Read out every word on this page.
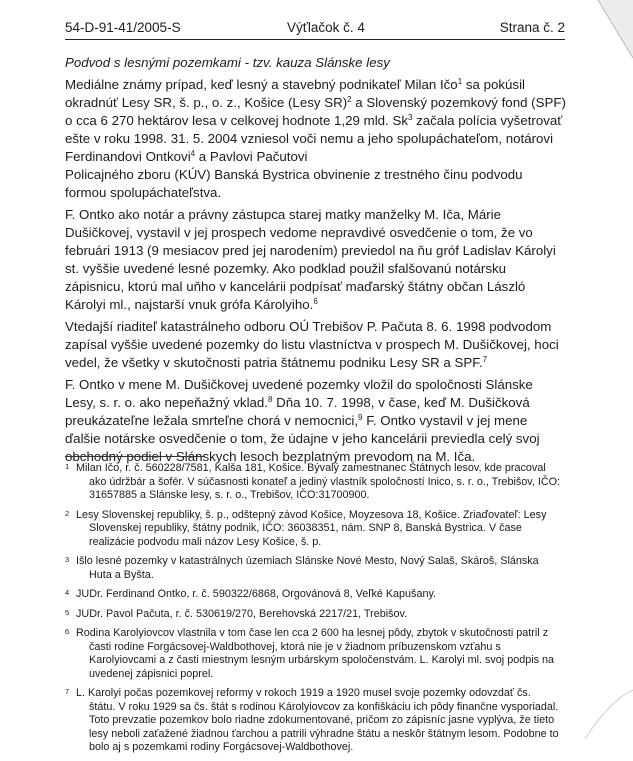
54-D-91-41/2005-S	Výťlačok č. 4	Strana č. 2
Podvod s lesnými pozemkami - tzv. kauza Slánske lesy
Mediálne známy prípad, keď lesný a stavebný podnikateľ Milan Ičo$^1$ sa pokúsil
okradnúť Lesy SR, š. p., o. z., Košice (Lesy SR)$^2$ a Slovenský pozemkový fond (SPF)
o cca 6 270 hektárov lesa v celkovej hodnote 1,29 mld. Sk$^3$ začala polícia vyšetrovať
ešte v roku 1998. 31. 5. 2004 vzniesol voči nemu a jeho spolupáchateľom, notárovi
Ferdinandovi Ontkovi$^4$ a Pavlovi Pačutovi
Policajného zboru (KÚV) Banská Bystrica obvinenie z trestného činu podvodu
formou spolupáchateľstva.
F. Ontko ako notár a právny zástupca starej matky manželky M. Iča, Márie
Dušičkovej, vystavil v jej prospech vedome nepravdivé osvedčenie o tom, že vo
februári 1913 (9 mesiacov pred jej narodením) previedol na ňu gróf Ladislav Károlyi
st. vyššie uvedené lesné pozemky. Ako podklad použil sfalšovanú notársku
zápisnicu, ktorú mal uňho v kancelárii podpísať maďarský štátny občan László
Károlyi ml., najstarší vnuk grófa Károlyiho.$^6$
Vtedajší riaditeľ katastrálneho odboru OÚ Trebišov P. Pačuta 8. 6. 1998 podvodom
zapísal vyššie uvedené pozemky do listu vlastníctva v prospech M. Dušičkovej, hoci
vedel, že všetky v skutočnosti patria štátnemu podniku Lesy SR a SPF.$^7$
F. Ontko v mene M. Dušičkovej uvedené pozemky vložil do spoločnosti Slánske
Lesy, s. r. o. ako nepeňažný vklad.$^8$ Dňa 10. 7. 1998, v čase, keď M. Dušičková
preukázateľne ležala smrteľne chorá v nemocnici,$^9$ F. Ontko vystavil v jej mene
ďalšie notárske osvedčenie o tom, že údajne v jeho kancelárii previedla celý svoj
obchodný podiel v Slánskych lesoch bezplatným prevodom na M. Iča.
1 Milan Ičo, r. č. 560228/7581, Kalša 181, Košice. Bývalý zamestnanec Štátnych lesov, kde pracoval
ako údržbár a šofér. V súčasnosti konateľ a jediný vlastník spoločností Inico, s. r. o., Trebišov, IČO:
31657885 a Slánske lesy, s. r. o., Trebišov, IČO:31700900.
2 Lesy Slovenskej republiky, š. p., odštepný závod Košice, Moyzesova 18, Košice. Zriaďovateľ: Lesy
Slovenskej republiky, štátny podnik, IČO: 36038351, nám. SNP 8, Banská Bystrica. V čase
realizácie podvodu mali názov Lesy Košice, š. p.
3 Išlo lesné pozemky v katastrálnych územiach Slánske Nové Mesto, Nový Salaš, Skároš, Slánska
Huta a Byšta.
4 JUDr. Ferdinand Ontko, r. č. 590322/6868, Orgovánová 8, Veľké Kapušany.
5 JUDr. Pavol Pačuta, r. č. 530619/270, Berehovská 2217/21, Trebišov.
6 Rodina Karolyiovcov vlastnila v tom čase len cca 2 600 ha lesnej pôdy, zbytok v skutočnosti patril z
časti rodine Forgácsovej-Waldbothovej, ktorá nie je v žiadnom príbuzenskom vzťahu s
Karolyiovcami a z časti miestnym lesným urbárskym spoločenstvám. L. Karolyi ml. svoj podpis na
uvedenej zápisnici poprel.
7 L. Karolyi počas pozemkovej reformy v rokoch 1919 a 1920 musel svoje pozemky odovzdať čs.
štátu. V roku 1929 sa čs. štát s rodinou Károlyiovcov za konfiškáciu ich pôdy finančne vysporiadal.
Toto prevzatie pozemkov bolo riadne zdokumentované, pričom zo zápisníc jasne vyplýva, že tieto
lesy neboli zaťažené žiadnou ťarchou a patrili výhradne štátu a neskôr štátnym lesom. Podobne to
bolo aj s pozemkami rodiny Forgácsovej-Waldbothovej.
